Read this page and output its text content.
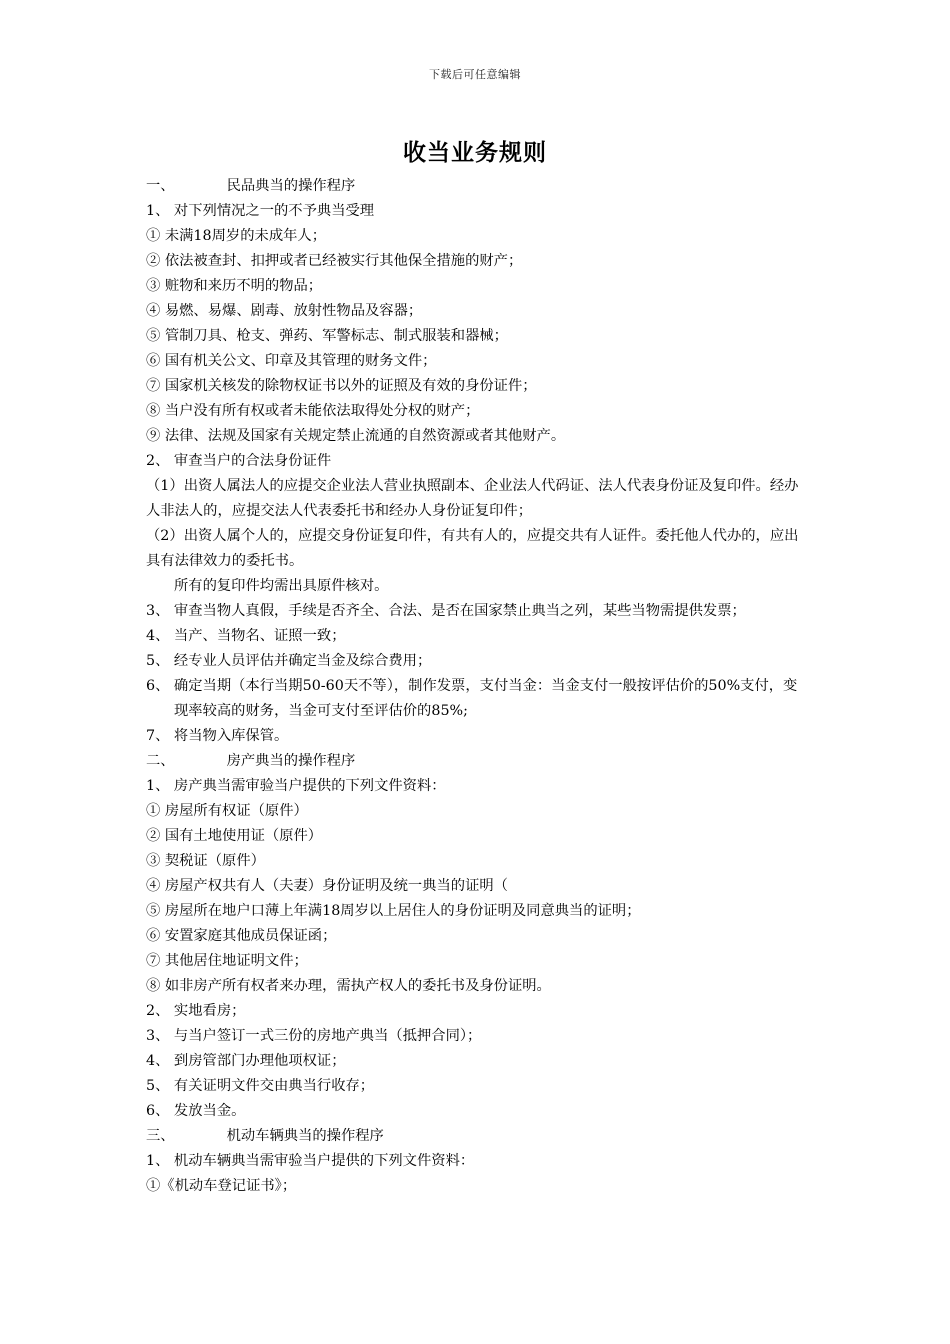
下载后可任意编辑
收当业务规则
一、	民品典当的操作程序
1、 对下列情况之一的不予典当受理
① 未满18周岁的未成年人；
② 依法被查封、扣押或者已经被实行其他保全措施的财产；
③ 赃物和来历不明的物品；
④ 易燃、易爆、剧毒、放射性物品及容器；
⑤ 管制刀具、枪支、弹药、军警标志、制式服装和器械；
⑥ 国有机关公文、印章及其管理的财务文件；
⑦ 国家机关核发的除物权证书以外的证照及有效的身份证件；
⑧ 当户没有所有权或者未能依法取得处分权的财产；
⑨ 法律、法规及国家有关规定禁止流通的自然资源或者其他财产。
2、 审查当户的合法身份证件
（1）出资人属法人的应提交企业法人营业执照副本、企业法人代码证、法人代表身份证及复印件。经办人非法人的，应提交法人代表委托书和经办人身份证复印件；
（2）出资人属个人的，应提交身份证复印件，有共有人的，应提交共有人证件。委托他人代办的，应出具有法律效力的委托书。
所有的复印件均需出具原件核对。
3、 审查当物人真假，手续是否齐全、合法、是否在国家禁止典当之列，某些当物需提供发票；
4、 当产、当物名、证照一致；
5、 经专业人员评估并确定当金及综合费用；
6、 确定当期（本行当期50-60天不等），制作发票，支付当金：当金支付一般按评估价的50%支付，变现率较高的财务，当金可支付至评估价的85%;
7、 将当物入库保管。
二、	房产典当的操作程序
1、 房产典当需审验当户提供的下列文件资料：
① 房屋所有权证（原件）
② 国有土地使用证（原件）
③ 契税证（原件）
④ 房屋产权共有人（夫妻）身份证明及统一典当的证明（
⑤ 房屋所在地户口薄上年满18周岁以上居住人的身份证明及同意典当的证明；
⑥ 安置家庭其他成员保证函；
⑦ 其他居住地证明文件；
⑧ 如非房产所有权者来办理，需执产权人的委托书及身份证明。
2、 实地看房；
3、 与当户签订一式三份的房地产典当（抵押合同）；
4、 到房管部门办理他项权证；
5、 有关证明文件交由典当行收存；
6、 发放当金。
三、	机动车辆典当的操作程序
1、 机动车辆典当需审验当户提供的下列文件资料：
①《机动车登记证书》；
